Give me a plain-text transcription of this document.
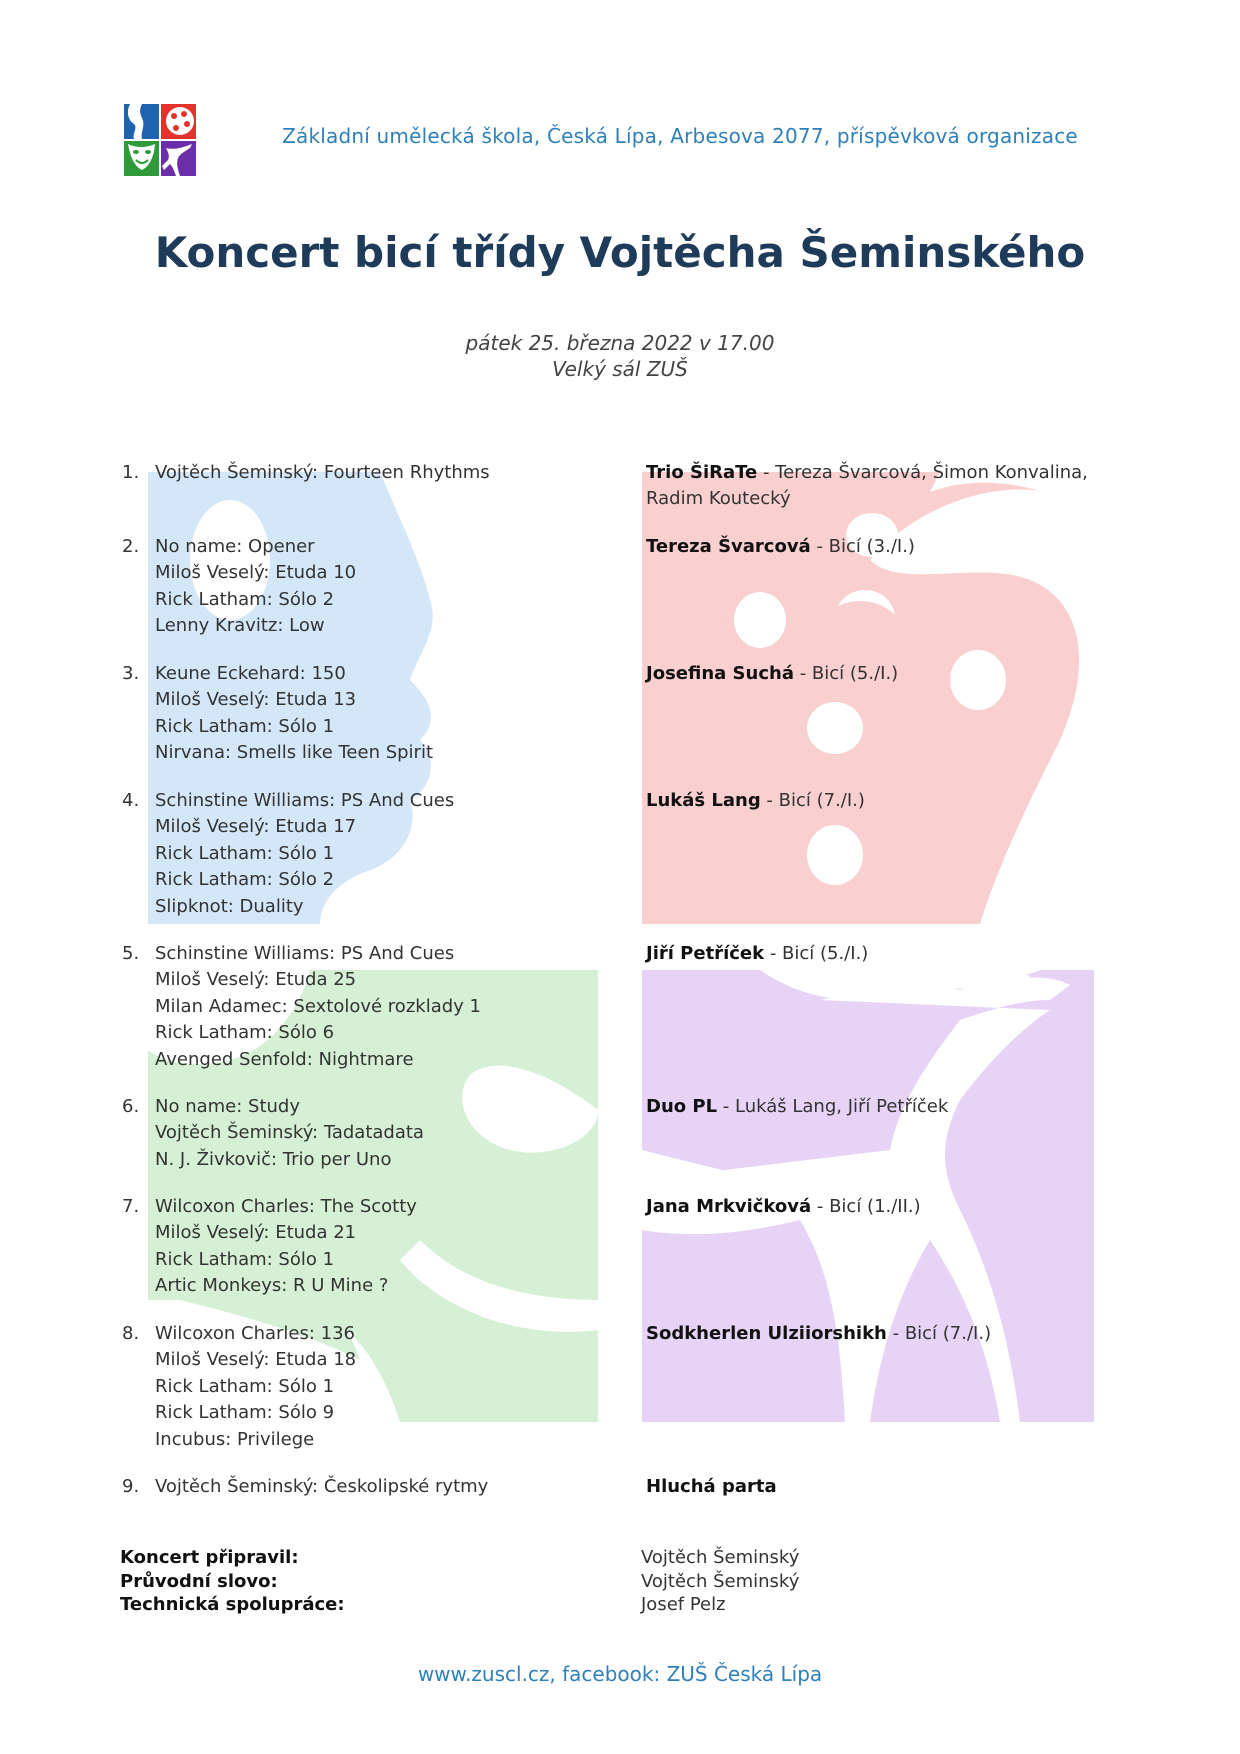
Základní umělecká škola, Česká Lípa, Arbesova 2077, příspěvková organizace
Koncert bicí třídy Vojtěcha Šeminského
pátek 25. března 2022 v 17.00
Velký sál ZUŠ
1. Vojtěch Šeminský: Fourteen Rhythms	Trio ŠiRaTe - Tereza Švarcová, Šimon Konvalina, Radim Koutecký
2. No name: Opener
Miloš Veselý: Etuda 10
Rick Latham: Sólo 2
Lenny Kravitz: Low
Tereza Švarcová - Bicí (3./I.)
3. Keune Eckehard: 150
Miloš Veselý: Etuda 13
Rick Latham: Sólo 1
Nirvana: Smells like Teen Spirit
Josefina Suchá - Bicí (5./I.)
4. Schinstine Williams: PS And Cues
Miloš Veselý: Etuda 17
Rick Latham: Sólo 1
Rick Latham: Sólo 2
Slipknot: Duality
Lukáš Lang - Bicí (7./I.)
5. Schinstine Williams: PS And Cues
Miloš Veselý: Etuda 25
Milan Adamec: Sextolové rozklady 1
Rick Latham: Sólo 6
Avenged Senfold: Nightmare
Jiří Petříček - Bicí (5./I.)
6. No name: Study
Vojtěch Šeminský: Tadatadata
N. J. Živkovič: Trio per Uno
Duo PL - Lukáš Lang, Jiří Petříček
7. Wilcoxon Charles: The Scotty
Miloš Veselý: Etuda 21
Rick Latham: Sólo 1
Artic Monkeys: R U Mine ?
Jana Mrkvičková - Bicí (1./II.)
8. Wilcoxon Charles: 136
Miloš Veselý: Etuda 18
Rick Latham: Sólo 1
Rick Latham: Sólo 9
Incubus: Privilege
Sodkherlen Ulziiorshikh - Bicí (7./I.)
9. Vojtěch Šeminský: Českolipské rytmy	Hluchá parta
Koncert připravil:
Průvodní slovo:
Technická spolupráce:
Vojtěch Šeminský
Vojtěch Šeminský
Josef Pelz
www.zuscl.cz, facebook: ZUŠ Česká Lípa
